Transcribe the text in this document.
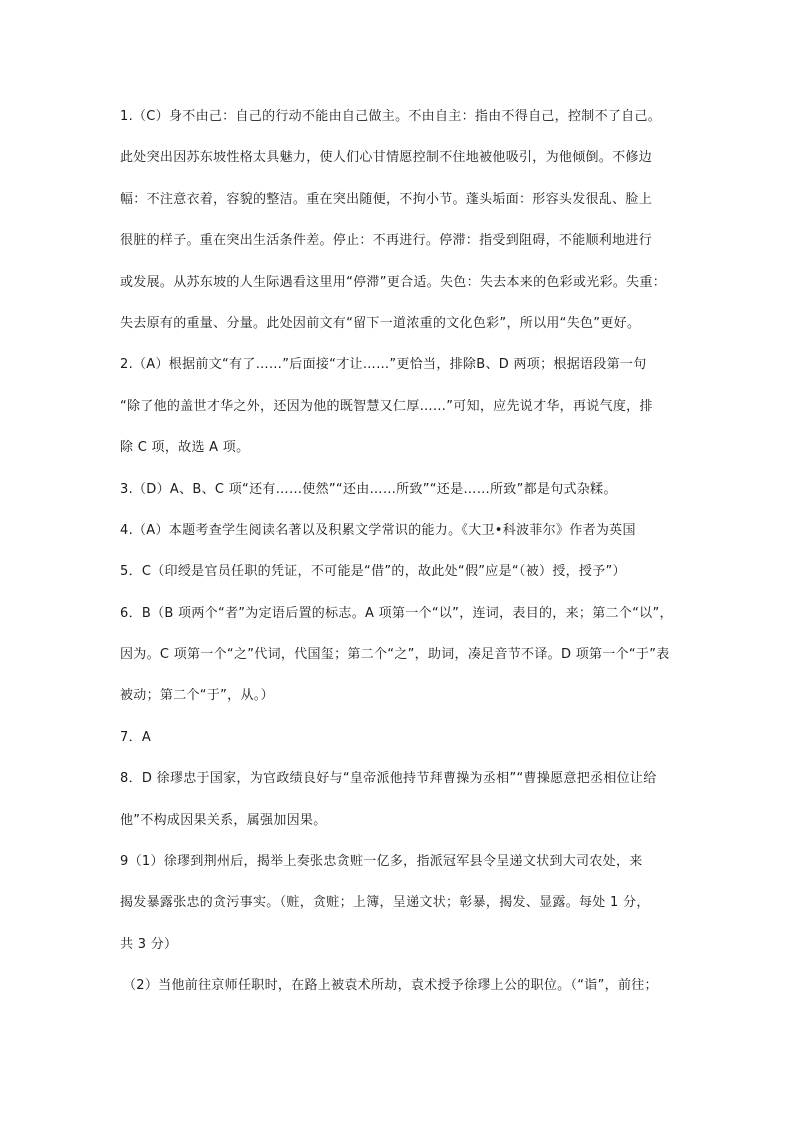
1.（C）身不由己：自己的行动不能由自己做主。不由自主：指由不得自己，控制不了自己。
此处突出因苏东坡性格太具魅力，使人们心甘情愿控制不住地被他吸引，为他倾倒。不修边
幅：不注意衣着，容貌的整洁。重在突出随便，不拘小节。蓬头垢面：形容头发很乱、脸上
很脏的样子。重在突出生活条件差。停止：不再进行。停滞：指受到阻碍，不能顺利地进行
或发展。从苏东坡的人生际遇看这里用“停滞”更合适。失色：失去本来的色彩或光彩。失重：
失去原有的重量、分量。此处因前文有“留下一道浓重的文化色彩”，所以用“失色”更好。
2.（A）根据前文“有了……”后面接“才让……”更恰当，排除B、D 两项；根据语段第一句
“除了他的盖世才华之外，还因为他的既智慧又仁厚……”可知，应先说才华，再说气度，排
除 C 项，故选 A 项。
3.（D）A、B、C 项“还有……使然”“还由……所致”“还是……所致”都是句式杂糅。
4.（A）本题考查学生阅读名著以及积累文学常识的能力。《大卫•科波菲尔》作者为英国
5．C（印绶是官员任职的凭证，不可能是“借”的，故此处“假”应是“（被）授，授予”）
6．B（B 项两个“者”为定语后置的标志。A 项第一个“以”，连词，表目的，来；第二个“以”，
因为。C 项第一个“之”代词，代国玺；第二个“之”，助词，凑足音节不译。D 项第一个“于”表
被动；第二个“于”，从。）
7．A
8．D 徐璆忠于国家，为官政绩良好与“皇帝派他持节拜曹操为丞相”“曹操愿意把丞相位让给
他”不构成因果关系，属强加因果。
9（1）徐璆到荆州后，揭举上奏张忠贪赃一亿多，指派冠军县令呈递文状到大司农处，来
揭发暴露张忠的贪污事实。（赃，贪赃；上簿，呈递文状；彰暴，揭发、显露。每处 1 分，
共 3 分）
（2）当他前往京师任职时，在路上被袁术所劫，袁术授予徐璆上公的职位。（“诣”，前往；
